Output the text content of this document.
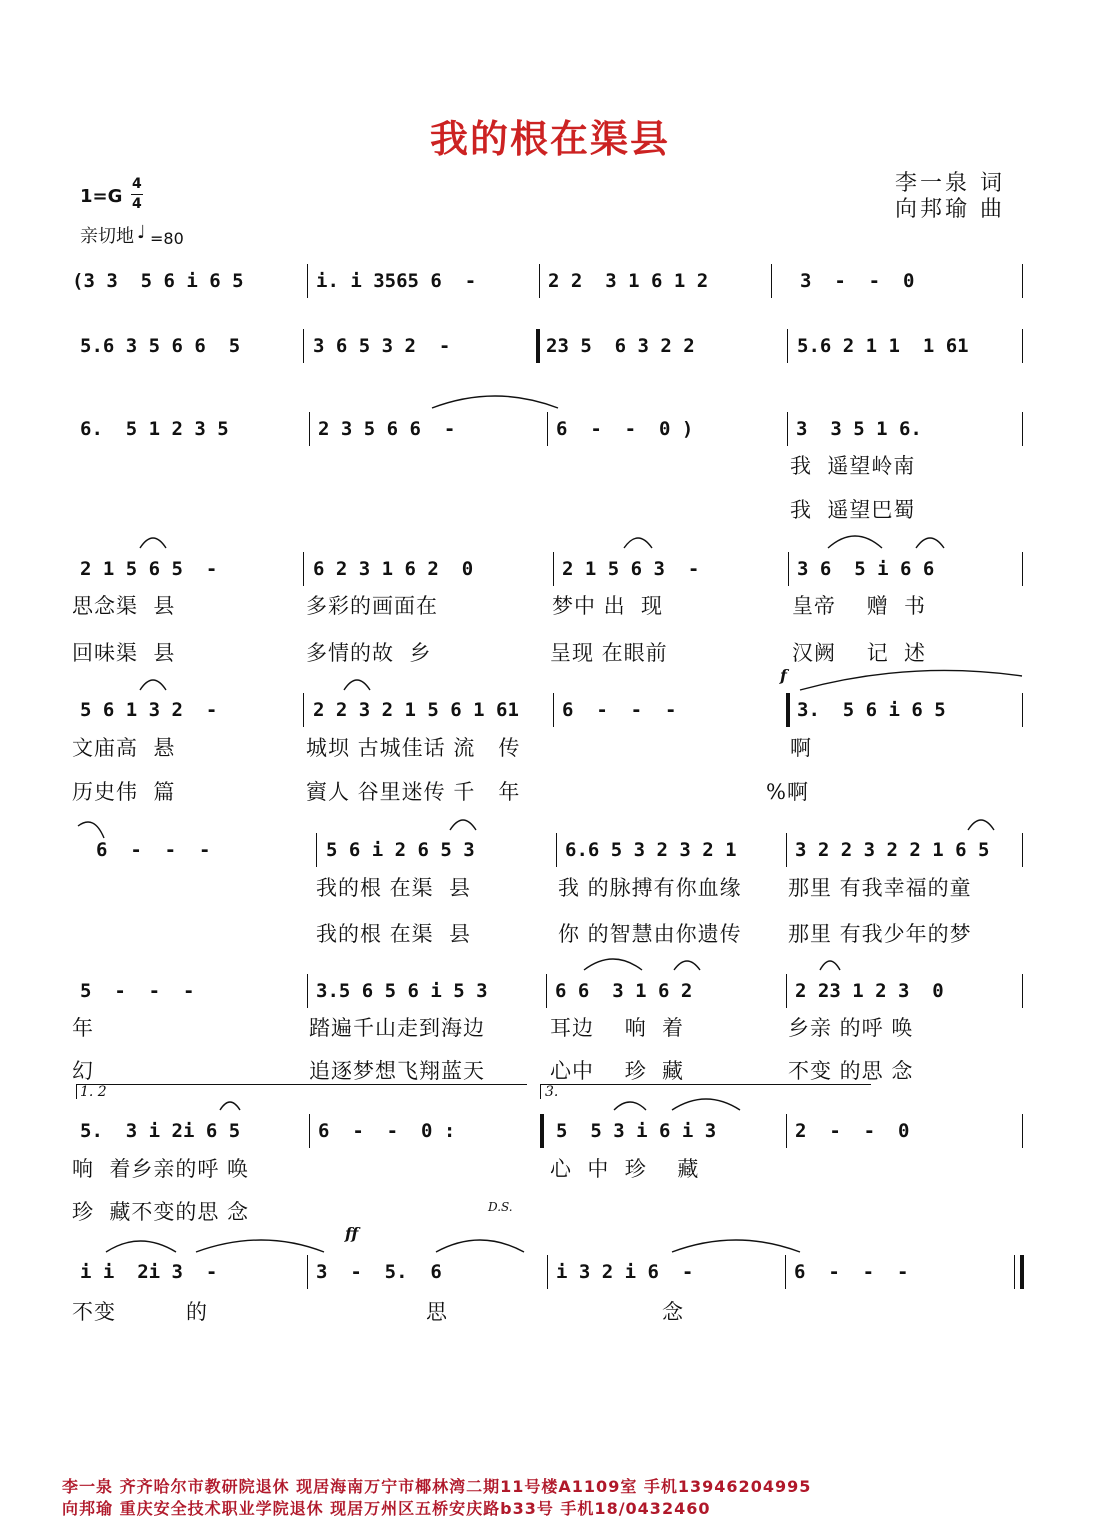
我的根在渠县
李一泉 词
向邦瑜 曲
1=G
4
4
亲切地 ♩ =80
(3 3  5 6 i 6 5	i. i 3565 6  -	2 2  3 1 6 1 2	3  -  -  0
5.6 3 5 6 6  5	3 6 5 3 2  -	23 5  6 3 2 2	5.6 2 1 1  1 61
6.  5 1 2 3 5	2 3 5 6 6  -	6  -  -  0 )	3  3 5 1 6.
我  遥望岭南
我  遥望巴蜀
2 1 5 6 5  -	6 2 3 1 6 2  0	2 1 5 6 3  -	3 6  5 i 6 6
思念渠  县	多彩的画面在	梦中 出  现	皇帝    赠  书
回味渠  县	多情的故  乡	呈现 在眼前	汉阙    记  述
f
5 6 1 3 2  -	2 2 3 2 1 5 6 1 61 6  -  -  -	3.  5 6 i 6 5
文庙高  悬	城坝 古城佳话 流   传	啊
历史伟  篇	賨人 谷里迷传 千   年	%啊
6  -  -  -	5 6 i 2 6 5 3	6.6 5 3 2 3 2 1	3 2 2 3 2 2 1 6 5
我的根 在渠  县	我 的脉搏有你血缘 那里 有我幸福的童
我的根 在渠  县	你 的智慧由你遗传 那里 有我少年的梦
5  -  -  -	3.5 6 5 6 i 5 3	6 6  3 1 6 2	2 23 1 2 3  0
年	踏遍千山走到海边	耳边    响  着	乡亲 的呼 唤
幻	追逐梦想飞翔蓝天	心中    珍  藏	不变 的思 念
1. 2	3.
5.  3 i 2i 6 5	6  -  -  0 :	5  5 3 i 6 i 3	2  -  -  0
响  着乡亲的呼 唤	心  中  珍    藏
珍  藏不变的思 念	D.S.
ff
i i  2i 3  -	3  -  5.  6	i 3 2 i 6  -	6  -  -  -
不变	的	思	念
李一泉 齐齐哈尔市教研院退休 现居海南万宁市椰林湾二期11号楼A1109室 手机13946204995
向邦瑜 重庆安全技术职业学院退休 现居万州区五桥安庆路b33号 手机18/0432460
